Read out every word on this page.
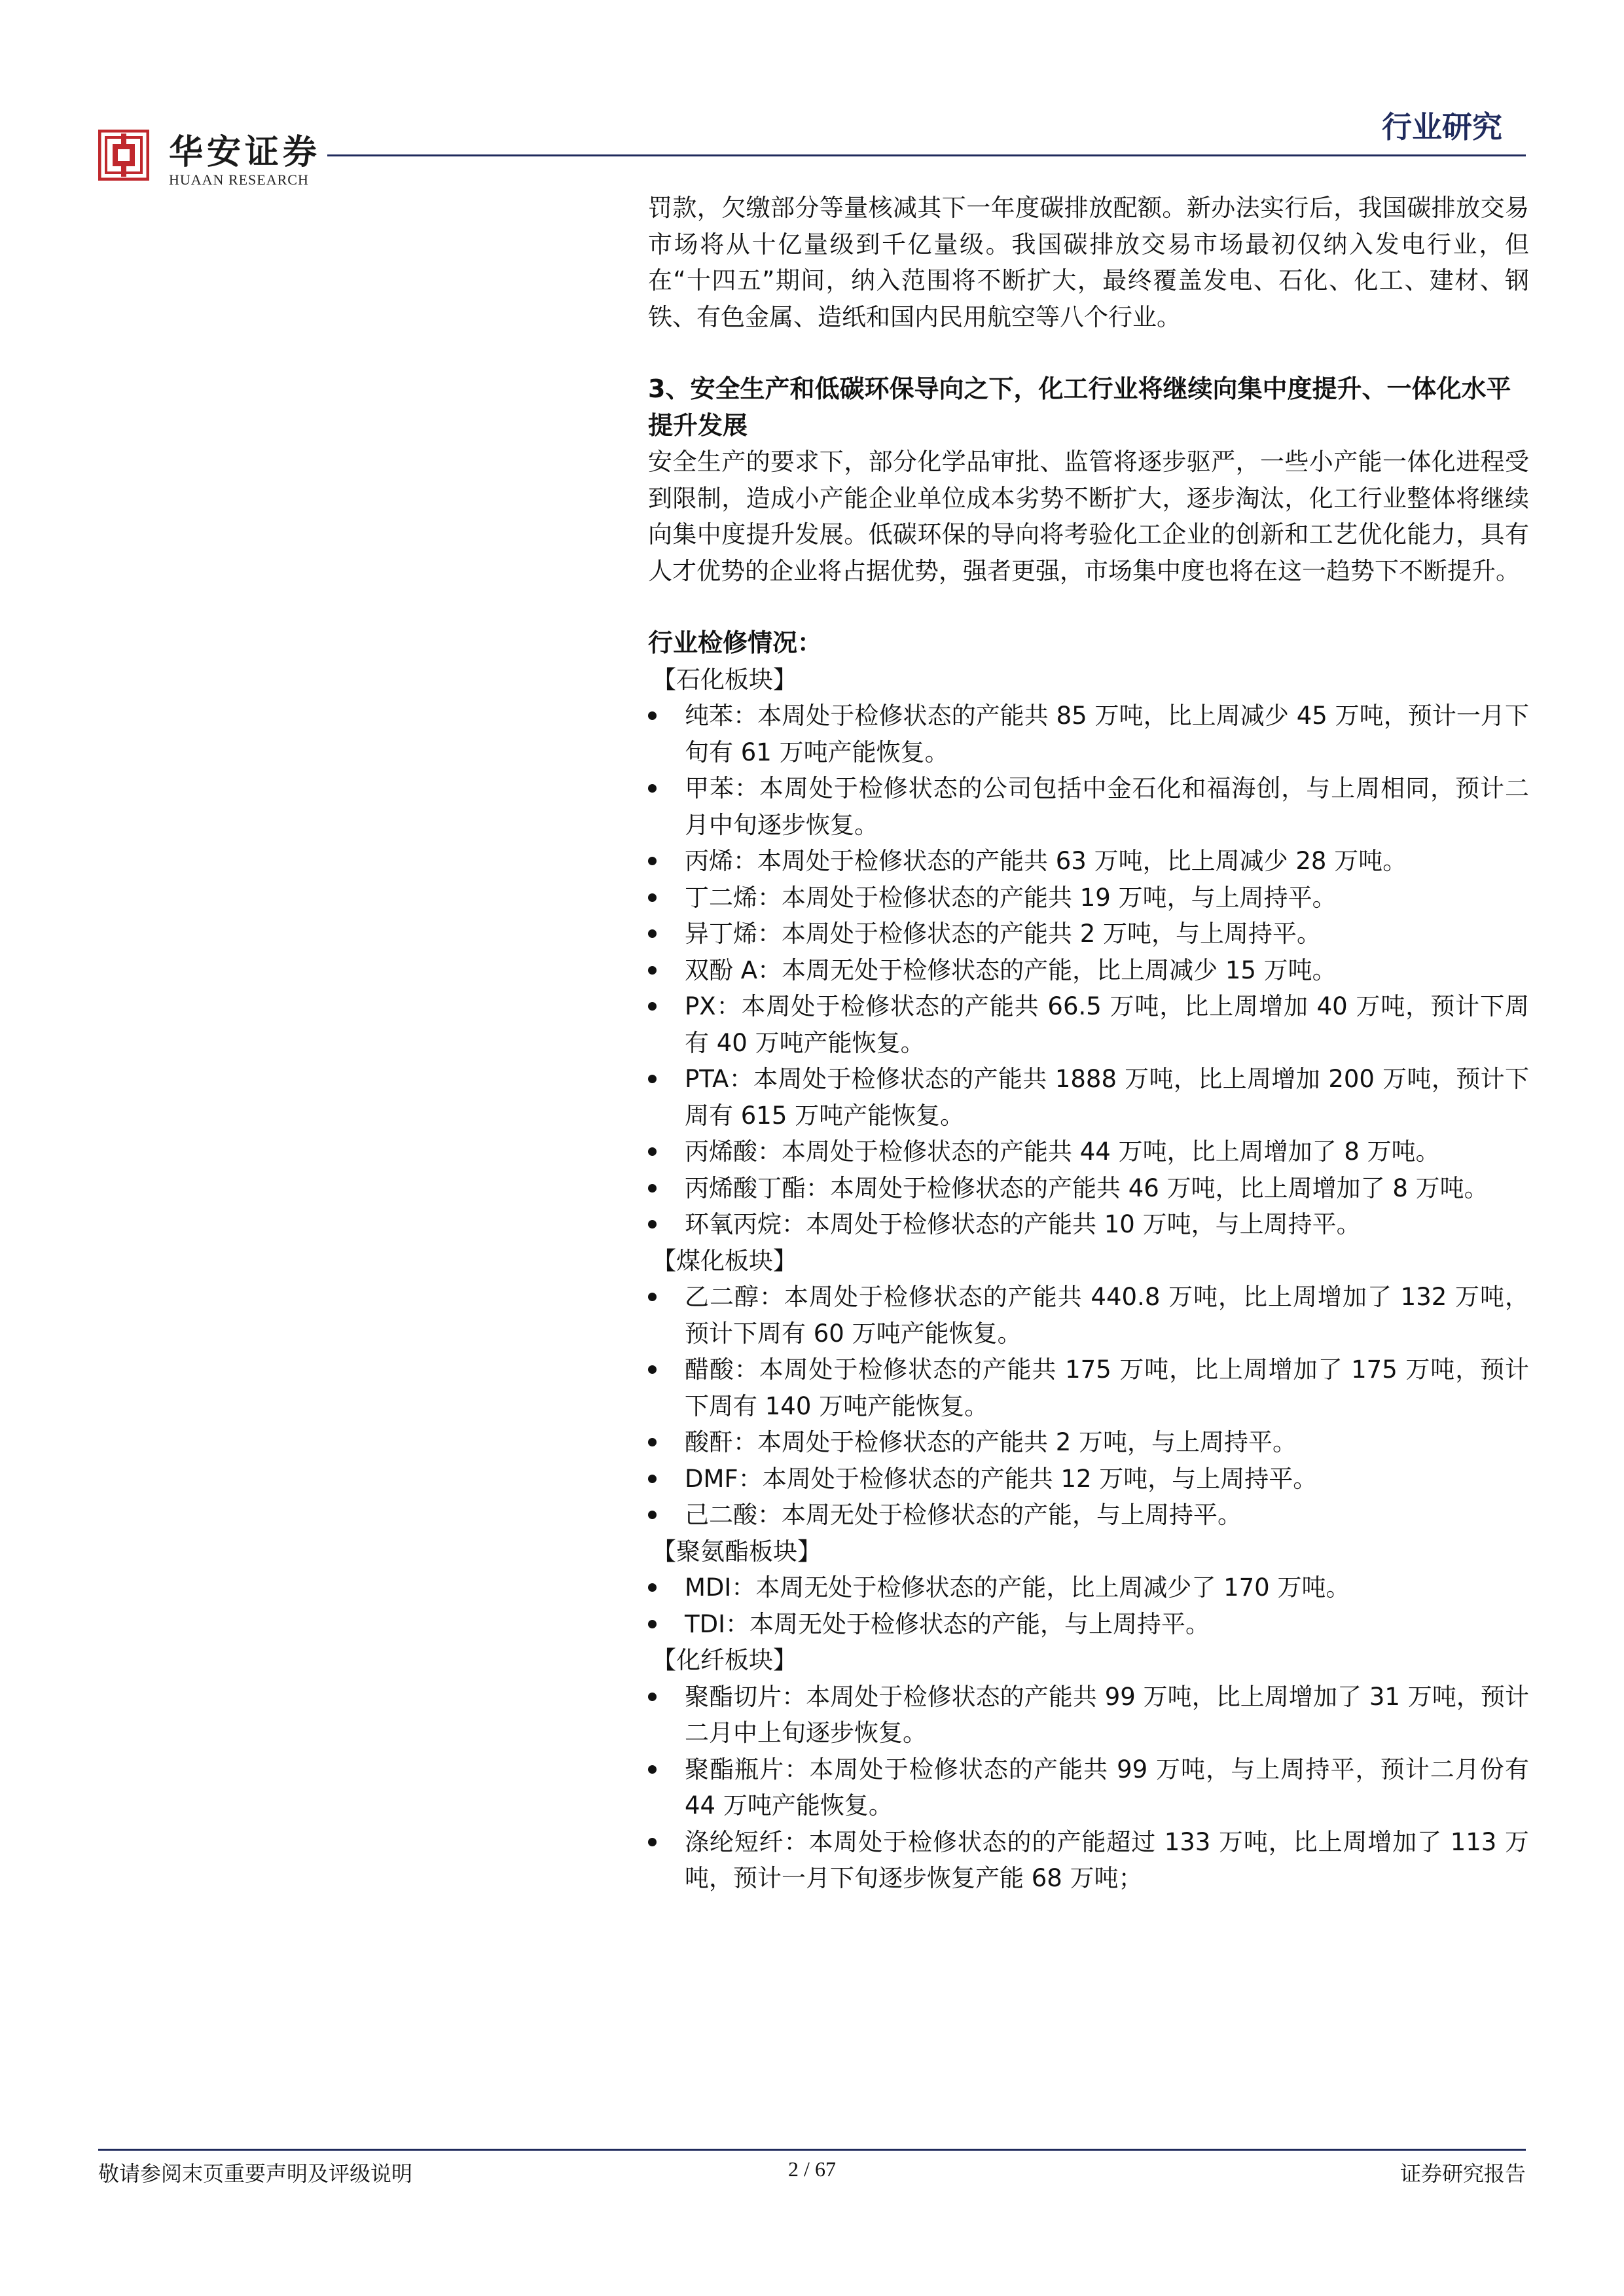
华安证券
HUAAN RESEARCH
行业研究

罚款，欠缴部分等量核减其下一年度碳排放配额。新办法实行后，我国碳排放交易市场将从十亿量级到千亿量级。我国碳排放交易市场最初仅纳入发电行业，但在“十四五”期间，纳入范围将不断扩大，最终覆盖发电、石化、化工、建材、钢铁、有色金属、造纸和国内民用航空等八个行业。

3、安全生产和低碳环保导向之下，化工行业将继续向集中度提升、一体化水平提升发展

安全生产的要求下，部分化学品审批、监管将逐步驱严，一些小产能一体化进程受到限制，造成小产能企业单位成本劣势不断扩大，逐步淘汰，化工行业整体将继续向集中度提升发展。低碳环保的导向将考验化工企业的创新和工艺优化能力，具有人才优势的企业将占据优势，强者更强，市场集中度也将在这一趋势下不断提升。

行业检修情况：

【石化板块】

纯苯：本周处于检修状态的产能共 85 万吨，比上周减少 45 万吨，预计一月下旬有 61 万吨产能恢复。

甲苯：本周处于检修状态的公司包括中金石化和福海创，与上周相同，预计二月中旬逐步恢复。

丙烯：本周处于检修状态的产能共 63 万吨，比上周减少 28 万吨。

丁二烯：本周处于检修状态的产能共 19 万吨，与上周持平。

异丁烯：本周处于检修状态的产能共 2 万吨，与上周持平。

双酚 A：本周无处于检修状态的产能，比上周减少 15 万吨。

PX：本周处于检修状态的产能共 66.5 万吨，比上周增加 40 万吨，预计下周有 40 万吨产能恢复。

PTA：本周处于检修状态的产能共 1888 万吨，比上周增加 200 万吨，预计下周有 615 万吨产能恢复。

丙烯酸：本周处于检修状态的产能共 44 万吨，比上周增加了 8 万吨。

丙烯酸丁酯：本周处于检修状态的产能共 46 万吨，比上周增加了 8 万吨。

环氧丙烷：本周处于检修状态的产能共 10 万吨，与上周持平。

【煤化板块】

乙二醇：本周处于检修状态的产能共 440.8 万吨，比上周增加了 132 万吨，预计下周有 60 万吨产能恢复。

醋酸：本周处于检修状态的产能共 175 万吨，比上周增加了 175 万吨，预计下周有 140 万吨产能恢复。

酸酐：本周处于检修状态的产能共 2 万吨，与上周持平。

DMF：本周处于检修状态的产能共 12 万吨，与上周持平。

己二酸：本周无处于检修状态的产能，与上周持平。

【聚氨酯板块】

MDI：本周无处于检修状态的产能，比上周减少了 170 万吨。

TDI：本周无处于检修状态的产能，与上周持平。

【化纤板块】

聚酯切片：本周处于检修状态的产能共 99 万吨，比上周增加了 31 万吨，预计二月中上旬逐步恢复。

聚酯瓶片：本周处于检修状态的产能共 99 万吨，与上周持平，预计二月份有 44 万吨产能恢复。

涤纶短纤：本周处于检修状态的的产能超过 133 万吨，比上周增加了 113 万吨，预计一月下旬逐步恢复产能 68 万吨；

敬请参阅末页重要声明及评级说明	2 / 67	证券研究报告
